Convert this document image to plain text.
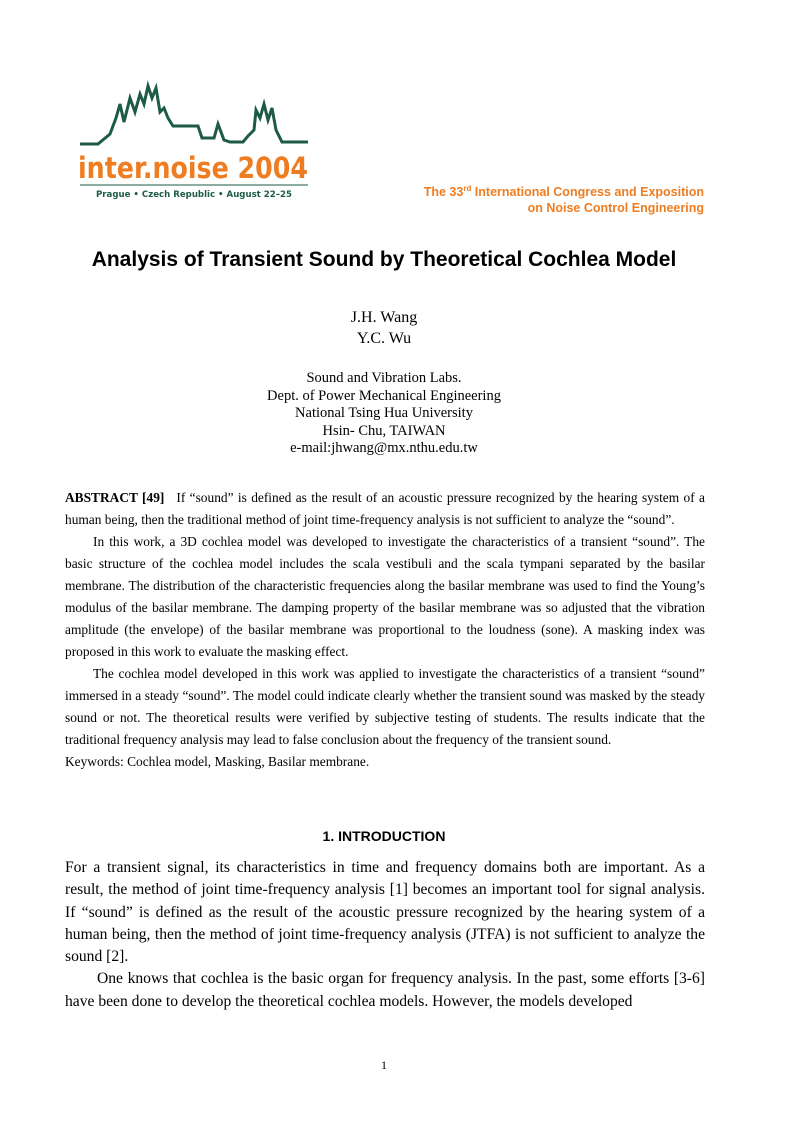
inter.noise 2004
Prague • Czech Republic • August 22–25	The 33rd International Congress and Exposition
on Noise Control Engineering
Analysis of Transient Sound by Theoretical Cochlea Model
J.H. Wang
Y.C. Wu
Sound and Vibration Labs.
Dept. of Power Mechanical Engineering
National Tsing Hua University
Hsin- Chu, TAIWAN
e-mail:jhwang@mx.nthu.edu.tw

ABSTRACT [49] If “sound” is defined as the result of an acoustic pressure recognized by the hearing system of a human being, then the traditional method of joint time-frequency analysis is not sufficient to analyze the “sound”.

In this work, a 3D cochlea model was developed to investigate the characteristics of a transient “sound”. The basic structure of the cochlea model includes the scala vestibuli and the scala tympani separated by the basilar membrane. The distribution of the characteristic frequencies along the basilar membrane was used to find the Young’s modulus of the basilar membrane. The damping property of the basilar membrane was so adjusted that the vibration amplitude (the envelope) of the basilar membrane was proportional to the loudness (sone). A masking index was proposed in this work to evaluate the masking effect.

The cochlea model developed in this work was applied to investigate the characteristics of a transient “sound” immersed in a steady “sound”. The model could indicate clearly whether the transient sound was masked by the steady sound or not. The theoretical results were verified by subjective testing of students. The results indicate that the traditional frequency analysis may lead to false conclusion about the frequency of the transient sound.

Keywords: Cochlea model, Masking, Basilar membrane.

1. INTRODUCTION

For a transient signal, its characteristics in time and frequency domains both are important. As a result, the method of joint time-frequency analysis [1] becomes an important tool for signal analysis. If “sound” is defined as the result of the acoustic pressure recognized by the hearing system of a human being, then the method of joint time-frequency analysis (JTFA) is not sufficient to analyze the sound [2].

One knows that cochlea is the basic organ for frequency analysis. In the past, some efforts [3-6] have been done to develop the theoretical cochlea models. However, the models developed

1
